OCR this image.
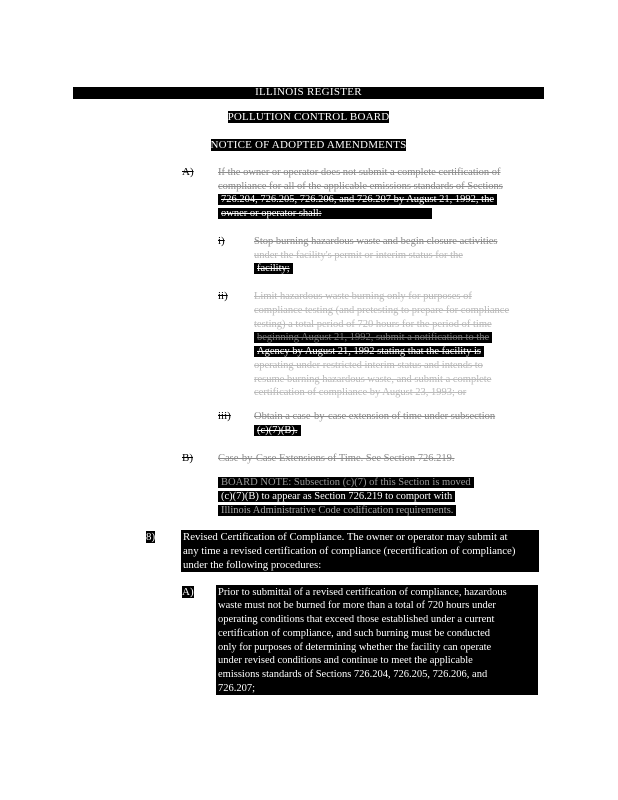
ILLINOIS REGISTER
POLLUTION CONTROL BOARD
NOTICE OF ADOPTED AMENDMENTS
A) If the owner or operator does not submit a complete certification of
compliance for all of the applicable emissions standards of Sections
726.204, 726.205, 726.206, and 726.207 by August 21, 1992, the
owner or operator shall:
i)	Stop burning hazardous waste and begin closure activities
under the facility's permit or interim status for the
facility;
ii) Limit hazardous waste burning only for purposes of
compliance testing (and pretesting to prepare for compliance
testing) a total period of 720 hours for the period of time
beginning August 21, 1992, submit a notification to the
Agency by August 21, 1992 stating that the facility is
operating under restricted interim status and intends to
resume burning hazardous waste, and submit a complete
certification of compliance by August 23, 1993; or
iii) Obtain a case-by-case extension of time under subsection
(c)(7)(B).
B) Case-by-Case Extensions of Time. See Section 726.219.
BOARD NOTE: Subsection (c)(7) of this Section is moved
(c)(7)(B) to appear as Section 726.219 to comport with
Illinois Administrative Code codification requirements.
8)	Revised Certification of Compliance. The owner or operator may submit at
any time a revised certification of compliance (recertification of compliance)
under the following procedures:
A) Prior to submittal of a revised certification of compliance, hazardous
waste must not be burned for more than a total of 720 hours under
operating conditions that exceed those established under a current
certification of compliance, and such burning must be conducted
only for purposes of determining whether the facility can operate
under revised conditions and continue to meet the applicable
emissions standards of Sections 726.204, 726.205, 726.206, and
726.207;
